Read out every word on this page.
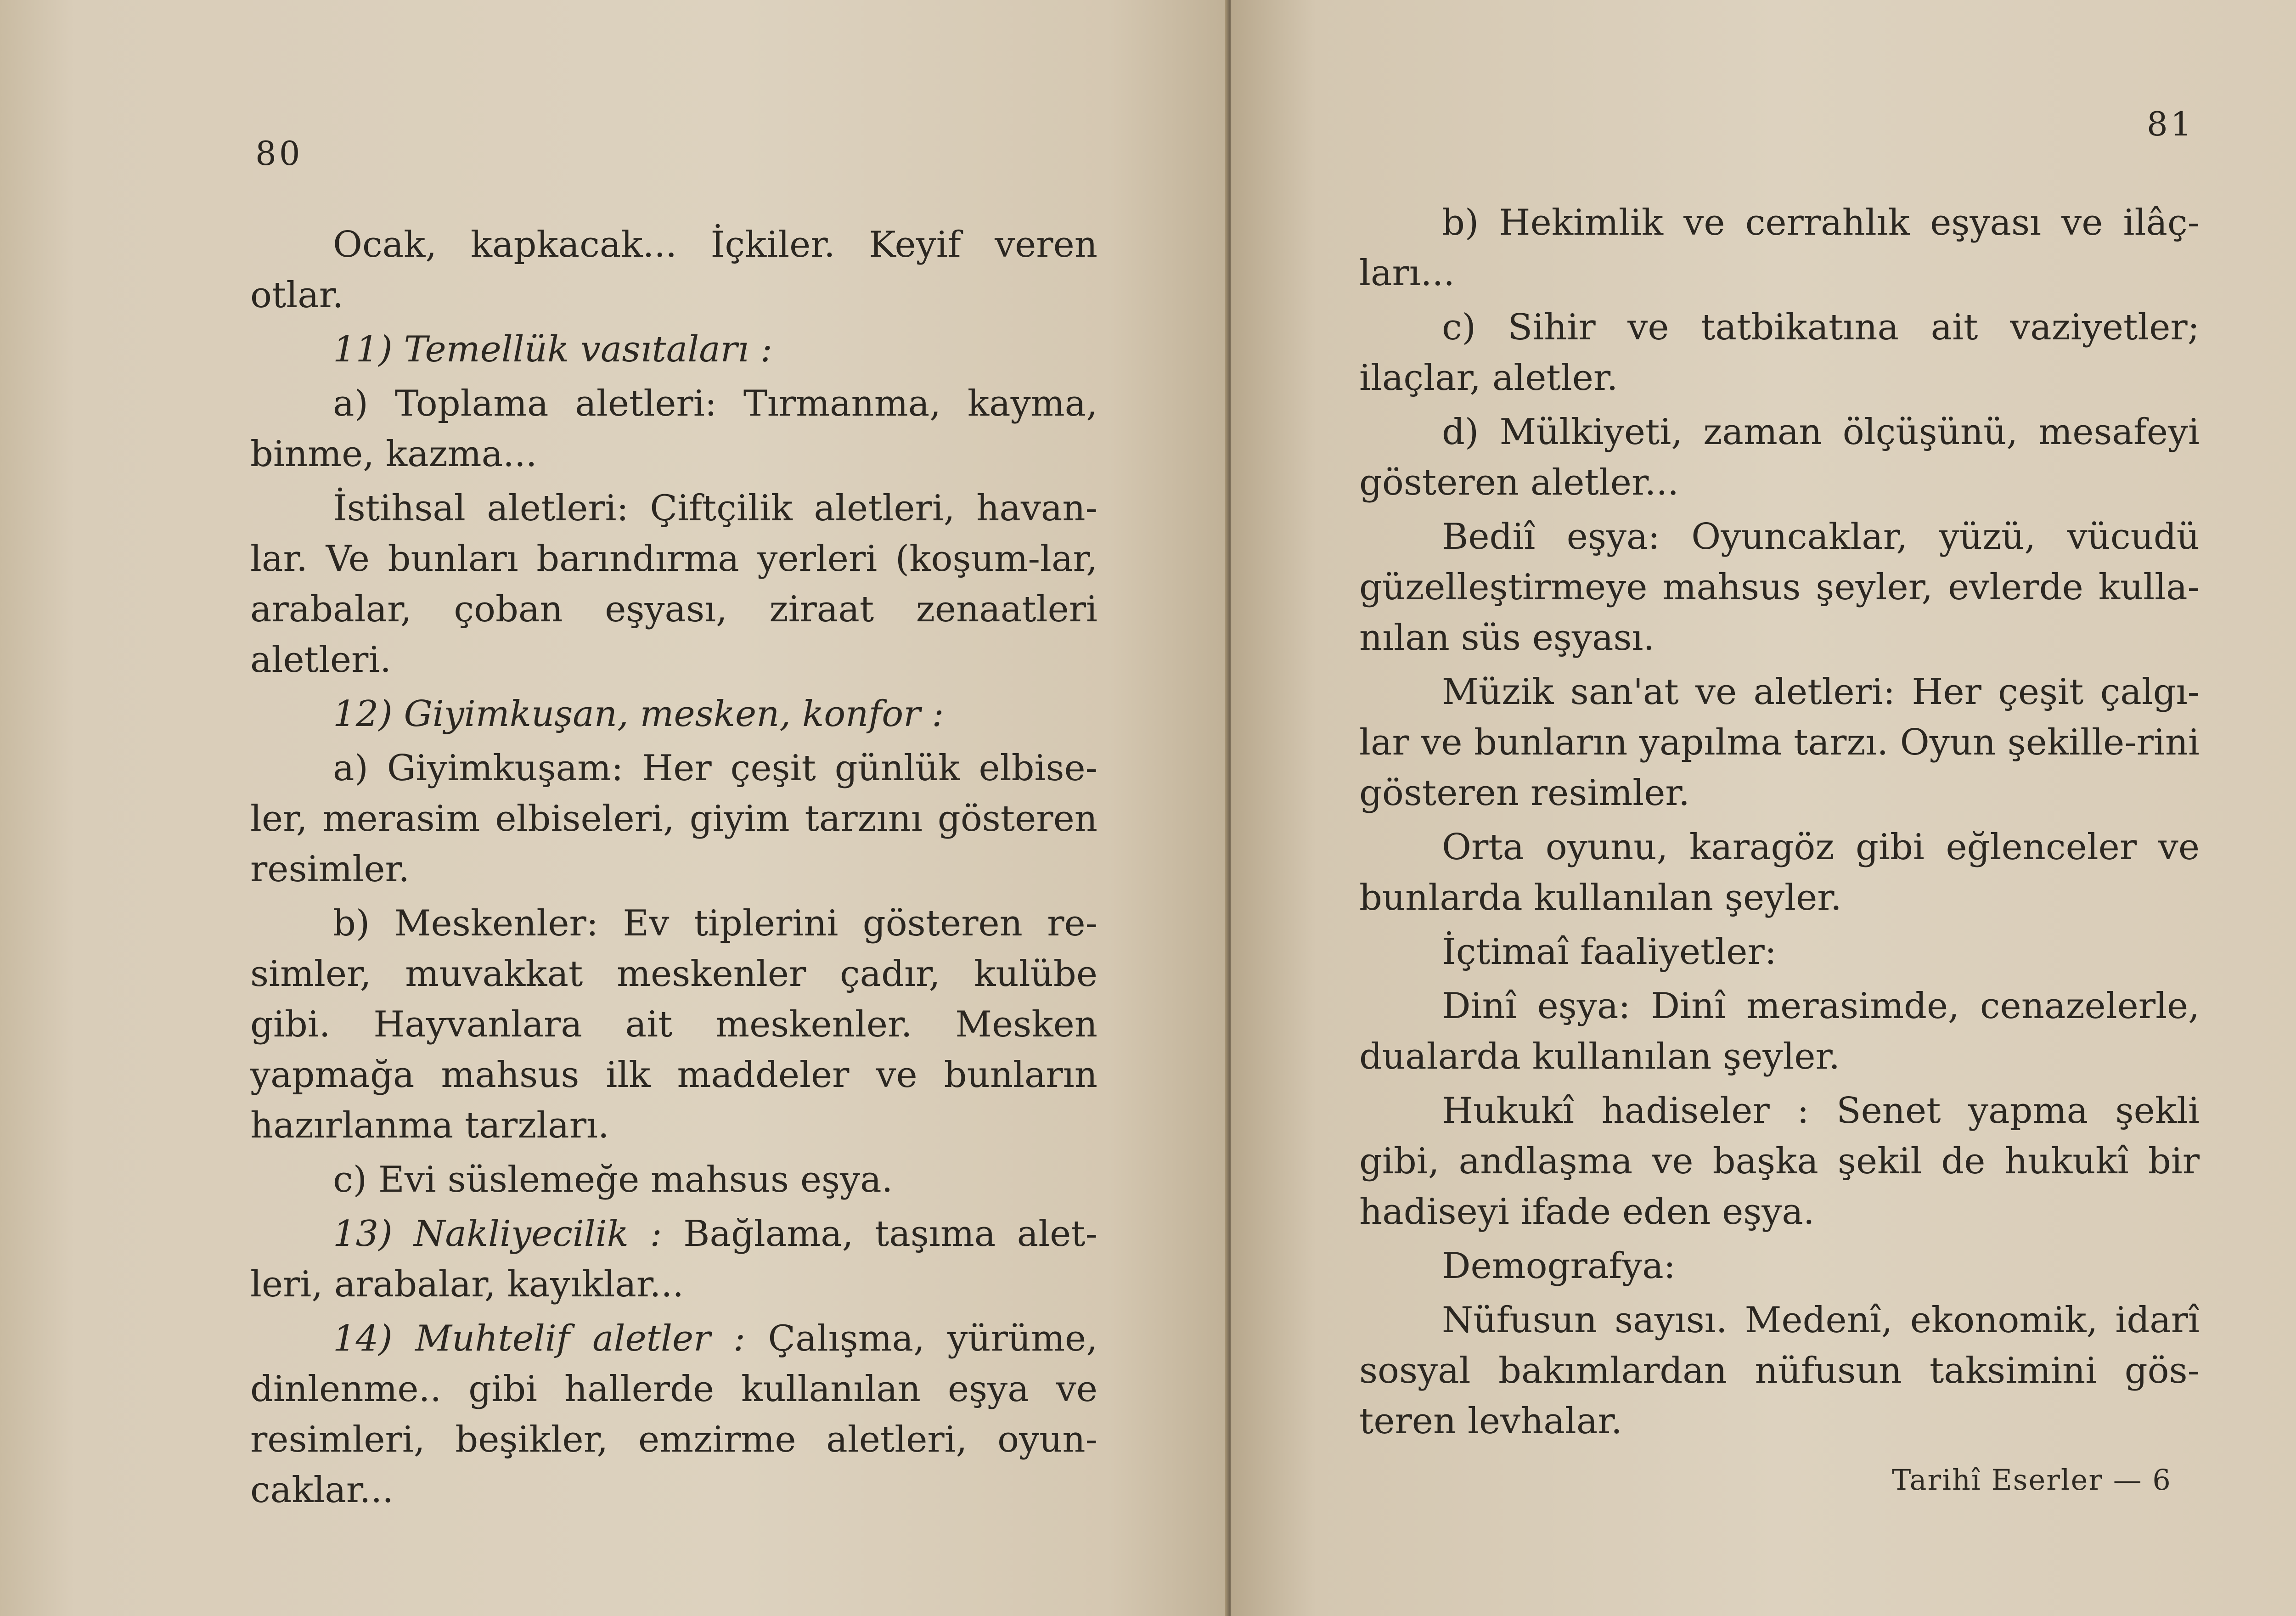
80

Ocak, kapkacak... İçkiler. Keyif veren otlar.

11) Temellük vasıtaları :

a) Toplama aletleri: Tırmanma, kayma, binme, kazma...

İstihsal aletleri: Çiftçilik aletleri, havan-lar. Ve bunları barındırma yerleri (koşum-lar, arabalar, çoban eşyası, ziraat zenaatleri aletleri.

12) Giyimkuşan, mesken, konfor :

a) Giyimkuşam: Her çeşit günlük elbise-ler, merasim elbiseleri, giyim tarzını gösteren resimler.

b) Meskenler: Ev tiplerini gösteren re-simler, muvakkat meskenler çadır, kulübe gibi. Hayvanlara ait meskenler. Mesken yapmağa mahsus ilk maddeler ve bunların hazırlanma tarzları.

c) Evi süslemeğe mahsus eşya.

13) Nakliyecilik : Bağlama, taşıma alet-leri, arabalar, kayıklar...

14) Muhtelif aletler : Çalışma, yürüme, dinlenme.. gibi hallerde kullanılan eşya ve resimleri, beşikler, emzirme aletleri, oyun-caklar...

81

b) Hekimlik ve cerrahlık eşyası ve ilâç-ları...

c) Sihir ve tatbikatına ait vaziyetler; ilaçlar, aletler.

d) Mülkiyeti, zaman ölçüşünü, mesafeyi gösteren aletler...

Bediî eşya: Oyuncaklar, yüzü, vücudü güzelleştirmeye mahsus şeyler, evlerde kulla-nılan süs eşyası.

Müzik san'at ve aletleri: Her çeşit çalgı-lar ve bunların yapılma tarzı. Oyun şekille-rini gösteren resimler.

Orta oyunu, karagöz gibi eğlenceler ve bunlarda kullanılan şeyler.

İçtimaî faaliyetler:

Dinî eşya: Dinî merasimde, cenazelerle, dualarda kullanılan şeyler.

Hukukî hadiseler : Senet yapma şekli gibi, andlaşma ve başka şekil de hukukî bir hadiseyi ifade eden eşya.

Demografya:

Nüfusun sayısı. Medenî, ekonomik, idarî sosyal bakımlardan nüfusun taksimini gös-teren levhalar.

Tarihî Eserler — 6
